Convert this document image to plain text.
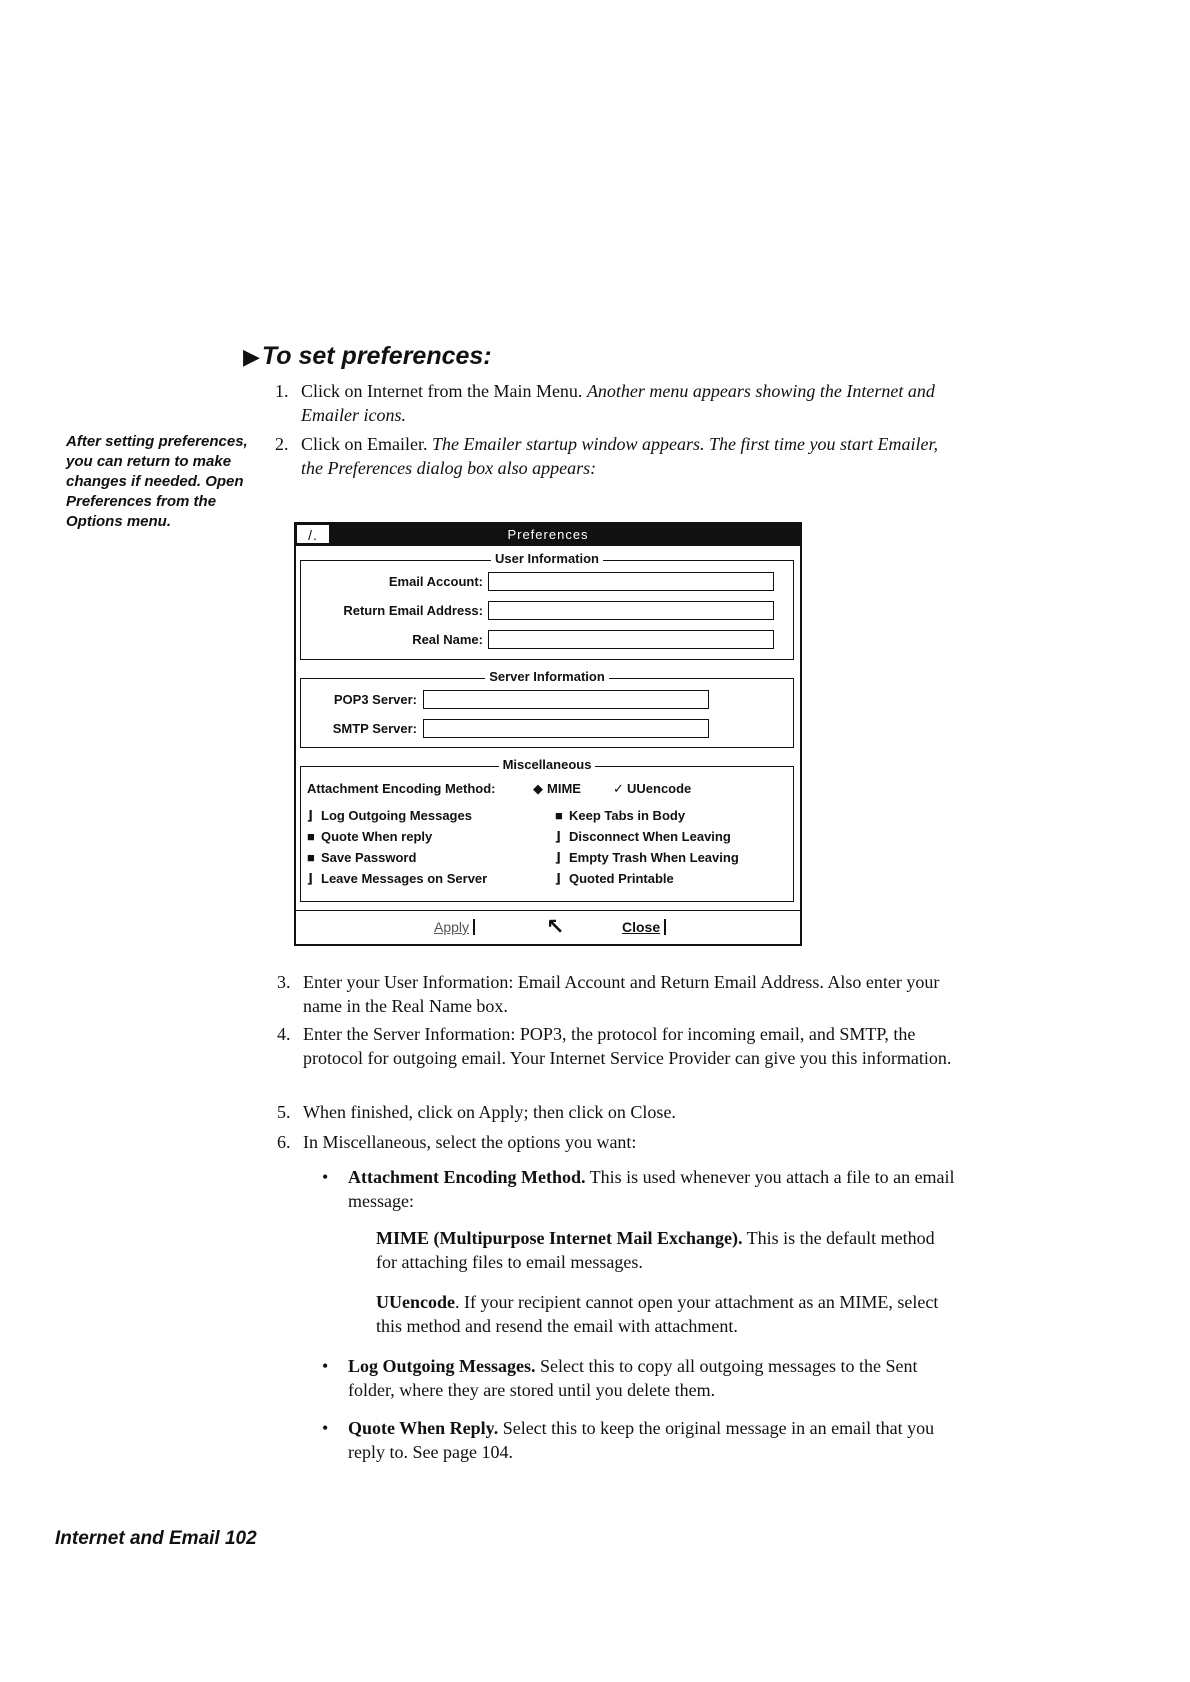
▶ To set preferences:
After setting preferences, you can return to make changes if needed. Open Preferences from the Options menu.
1. Click on Internet from the Main Menu. Another menu appears showing the Internet and Emailer icons.
2. Click on Emailer. The Emailer startup window appears. The first time you start Emailer, the Preferences dialog box also appears:
/.	Preferences
User Information
Email Account:
Return Email Address:
Real Name:
Server Information
POP3 Server:
SMTP Server:
Miscellaneous
Attachment Encoding Method:	◆ MIME ✓ UUencode
⌋ Log Outgoing Messages	■ Keep Tabs in Body
■ Quote When reply	⌋ Disconnect When Leaving
■ Save Password	⌋ Empty Trash When Leaving
⌋ Leave Messages on Server	⌋ Quoted Printable
Apply	↖	Close
3. Enter your User Information: Email Account and Return Email Address. Also enter your name in the Real Name box.
4. Enter the Server Information: POP3, the protocol for incoming email, and SMTP, the protocol for outgoing email. Your Internet Service Provider can give you this information.
5. When finished, click on Apply; then click on Close.
6. In Miscellaneous, select the options you want:
• Attachment Encoding Method. This is used whenever you attach a file to an email message:
MIME (Multipurpose Internet Mail Exchange). This is the default method for attaching files to email messages.
UUencode. If your recipient cannot open your attachment as an MIME, select this method and resend the email with attachment.
• Log Outgoing Messages. Select this to copy all outgoing messages to the Sent folder, where they are stored until you delete them.
• Quote When Reply. Select this to keep the original message in an email that you reply to. See page 104.
Internet and Email 102
